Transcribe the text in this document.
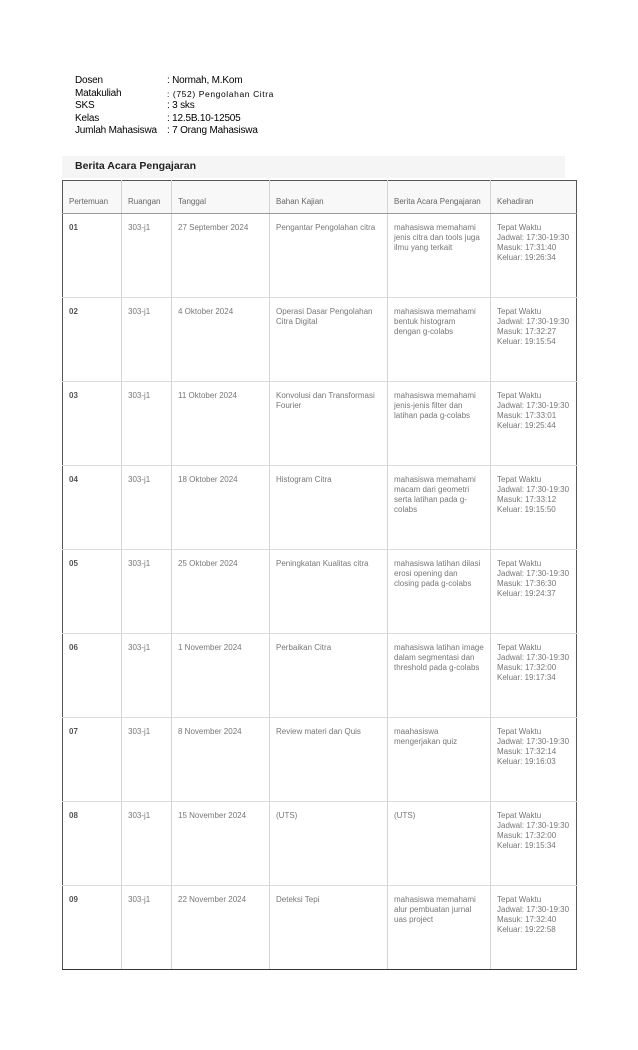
Dosen	: Normah, M.Kom
Matakuliah	: (752) Pengolahan Citra
SKS	: 3 sks
Kelas	: 12.5B.10-12505
Jumlah Mahasiswa	: 7 Orang Mahasiswa
Berita Acara Pengajaran
Pertemuan	Ruangan	Tanggal	Bahan Kajian	Berita Acara Pengajaran	Kehadiran
01	303-j1	27 September 2024	Pengantar Pengolahan citra	mahasiswa memahami jenis citra dan tools juga ilmu yang terkait	Tepat Waktu Jadwal: 17:30-19:30 Masuk: 17:31:40 Keluar: 19:26:34
02	303-j1	4 Oktober 2024	Operasi Dasar Pengolahan Citra Digital	mahasiswa memahami bentuk histogram dengan g-colabs	Tepat Waktu Jadwal: 17:30-19:30 Masuk: 17:32:27 Keluar: 19:15:54
03	303-j1	11 Oktober 2024	Konvolusi dan Transformasi Fourier	mahasiswa memahami jenis-jenis filter dan latihan pada g-colabs	Tepat Waktu Jadwal: 17:30-19:30 Masuk: 17:33:01 Keluar: 19:25:44
04	303-j1	18 Oktober 2024	Histogram Citra	mahasiswa memahami macam dari geometri serta latihan pada g-colabs	Tepat Waktu Jadwal: 17:30-19:30 Masuk: 17:33:12 Keluar: 19:15:50
05	303-j1	25 Oktober 2024	Peningkatan Kualitas citra	mahasiswa latihan dilasi erosi opening dan closing pada g-colabs	Tepat Waktu Jadwal: 17:30-19:30 Masuk: 17:36:30 Keluar: 19:24:37
06	303-j1	1 November 2024	Perbaikan Citra	mahasiswa latihan image dalam segmentasi dan threshold pada g-colabs	Tepat Waktu Jadwal: 17:30-19:30 Masuk: 17:32:00 Keluar: 19:17:34
07	303-j1	8 November 2024	Review materi dan Quis	maahasiswa mengerjakan quiz	Tepat Waktu Jadwal: 17:30-19:30 Masuk: 17:32:14 Keluar: 19:16:03
08	303-j1	15 November 2024	(UTS)	(UTS)	Tepat Waktu Jadwal: 17:30-19:30 Masuk: 17:32:00 Keluar: 19:15:34
09	303-j1	22 November 2024	Deteksi Tepi	mahasiswa memahami alur pembuatan jurnal uas project	Tepat Waktu Jadwal: 17:30-19:30 Masuk: 17:32:40 Keluar: 19:22:58
